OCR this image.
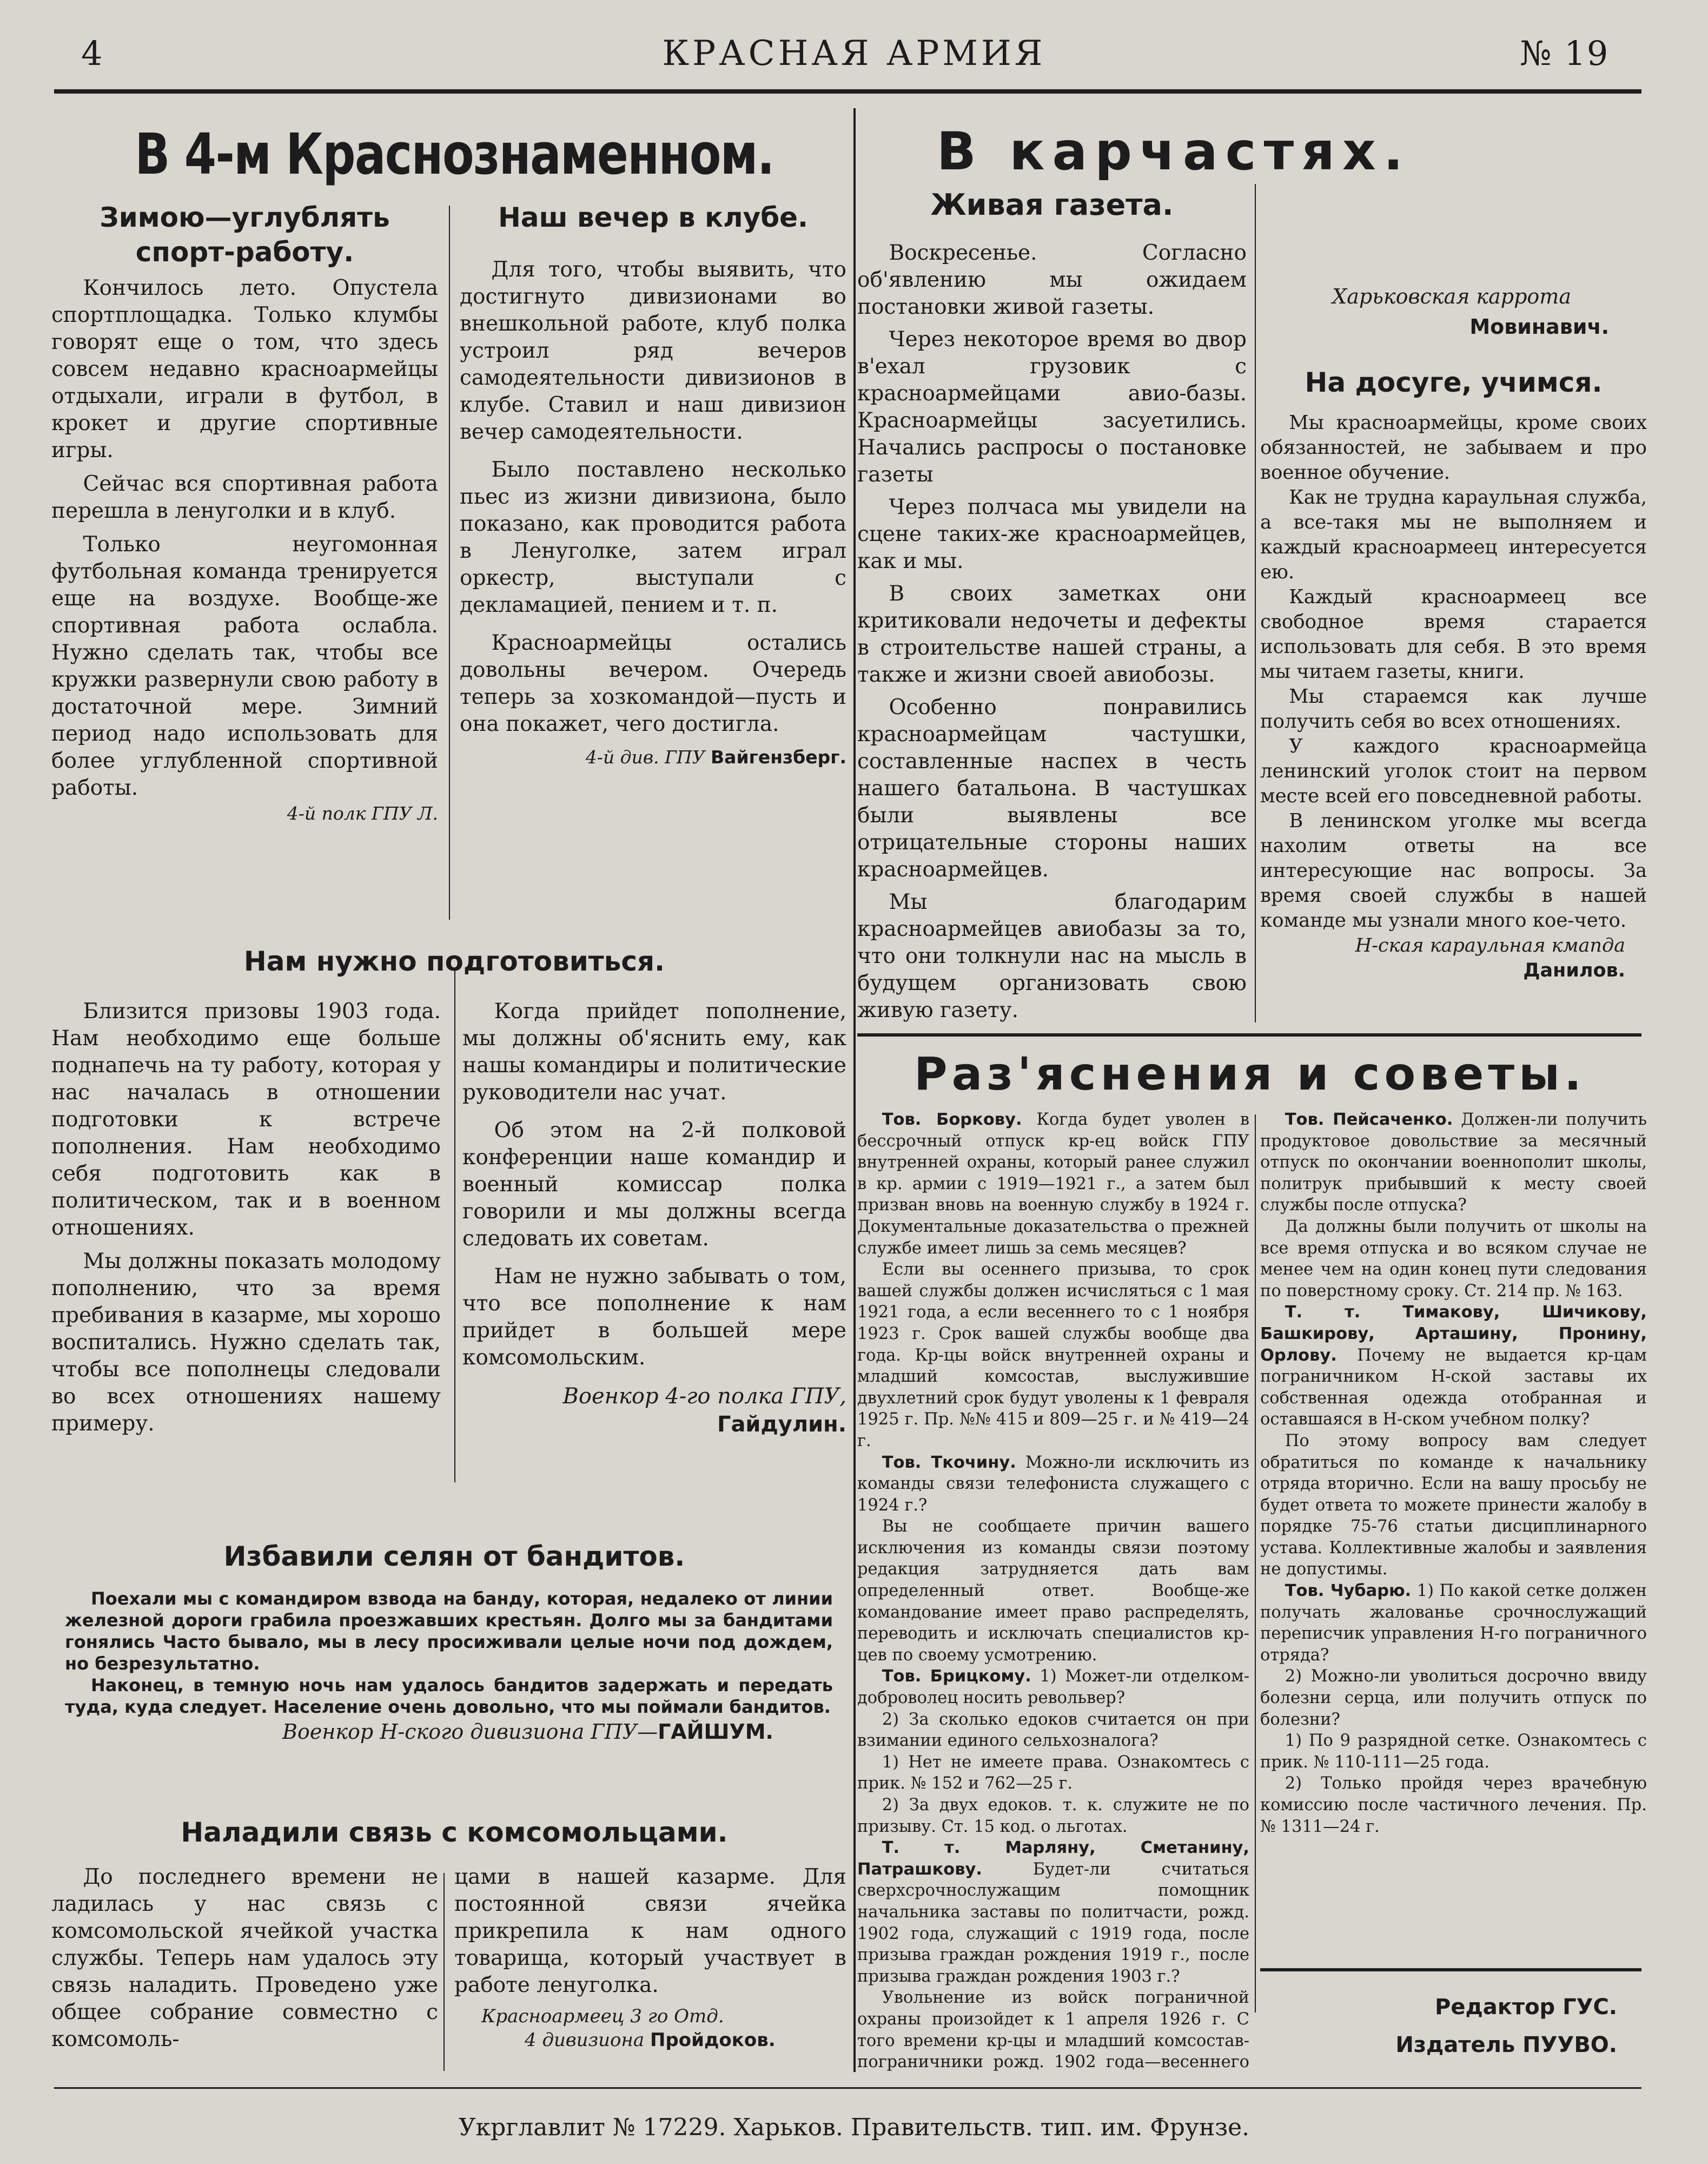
4	КРАСНАЯ АРМИЯ	№ 19
В 4-м Краснознаменном.
Зимою—углублять спорт-работу.

Кончилось лето. Опустела спортплощадка. Только клумбы говорят еще о том, что здесь совсем недавно красноармейцы отдыхали, играли в футбол, в крокет и другие спортивные игры.

Сейчас вся спортивная работа перешла в ленуголки и в клуб.

Только неугомонная футбольная команда тренируется еще на воздухе. Вообще-же спортивная работа ослабла. Нужно сделать так, чтобы все кружки развернули свою работу в достаточной мере. Зимний период надо использовать для более углубленной спортивной работы.

4-й полк ГПУ Л.
Наш вечер в клубе.

Для того, чтобы выявить, что достигнуто дивизионами во внешкольной работе, клуб полка устроил ряд вечеров самодеятельности дивизионов в клубе. Ставил и наш дивизион вечер самодеятельности.

Было поставлено несколько пьес из жизни дивизиона, было показано, как проводится работа в Ленуголке, затем играл оркестр, выступали с декламацией, пением и т. п.

Красноармейцы остались довольны вечером. Очередь теперь за хозкомандой—пусть и она покажет, чего достигла.

4-й див. ГПУ Вайгензберг.
Нам нужно подготовиться.

Близится призовы 1903 года. Нам необходимо еще больше поднапечь на ту работу, которая у нас началась в отношении подготовки к встрече пополнения. Нам необходимо себя подготовить как в политическом, так и в военном отношениях.

Мы должны показать молодому пополнению, что за время пребивания в казарме, мы хорошо воспитались. Нужно сделать так, чтобы все пополнецы следовали во всех отношениях нашему примеру.

Когда прийдет пополнение, мы должны об'яснить ему, как нашы командиры и политические руководители нас учат.

Об этом на 2-й полковой конференции наше командир и военный комиссар полка говорили и мы должны всегда следовать их советам.

Нам не нужно забывать о том, что все пополнение к нам прийдет в большей мере комсомольским.

Военкор 4-го полка ГПУ,
Гайдулин.
Избавили селян от бандитов.

Поехали мы с командиром взвода на банду, которая, недалеко от линии железной дороги грабила проезжавших крестьян. Долго мы за бандитами гонялись Часто бывало, мы в лесу просиживали целые ночи под дождем, но безрезультатно.

Наконец, в темную ночь нам удалось бандитов задержать и передать туда, куда следует. Население очень довольно, что мы поймали бандитов.

Военкор Н-ского дивизиона ГПУ—ГАЙШУМ.
Наладили связь с комсомольцами.

До последнего времени не ладилась у нас связь с комсомольской ячейкой участка службы. Теперь нам удалось эту связь наладить. Проведено уже общее собрание совместно с комсомоль-

цами в нашей казарме. Для постоянной связи ячейка прикрепила к нам одного товарища, который участвует в работе ленуголка.

Красноармеец 3 го Отд.
4 дивизиона Пройдоков.
В карчастях.
Живая газета.

Воскресенье. Согласно об'явлению мы ожидаем постановки живой газеты.

Через некоторое время во двор в'ехал грузовик с красноармейцами авио-базы. Красноармейцы засуетились. Начались распросы о постановке газеты

Через полчаса мы увидели на сцене таких-же красноармейцев, как и мы.

В своих заметках они критиковали недочеты и дефекты в строительстве нашей страны, а также и жизни своей авиобозы.

Особенно понравились красноармейцам частушки, составленные наспех в честь нашего батальона. В частушках были выявлены все отрицательные стороны наших красноармейцев.

Мы благодарим красноармейцев авиобазы за то, что они толкнули нас на мысль в будущем организовать свою живую газету.

Харьковская карроmа
Мовинавич.
На досуге, учимся.

Мы красноармейцы, кроме своих обязанностей, не забываем и про военное обучение.

Как не трудна караульная служба, а все-такя мы не выполняем и каждый красноармеец интересуется ею.

Каждый красноармеец все свободное время старается использовать для себя. В это время мы читаем газеты, книги.

Мы стараемся как лучше получить себя во всех отношениях.

У каждого красноармейца ленинский уголок стоит на первом месте всей его повседневной работы.

В ленинском уголке мы всегда нахолим ответы на все интересующие нас вопросы. За время своей службы в нашей команде мы узнали много кое-чето.

Н-ская караульная кмаnда
Данилов.
Раз'яснения и советы.

Тов. Боркову. Когда будет уволен в бессрочный отпуск кр-ец войск ГПУ внутренней охраны, который ранее служил в кр. армии с 1919—1921 г., а затем был призван вновь на военную службу в 1924 г. Документальные доказательства о прежней службе имеет лишь за семь месяцев?

Если вы осеннего призыва, то срок вашей службы должен исчисляться с 1 мая 1921 года, а если весеннего то с 1 ноября 1923 г. Срок вашей службы вообще два года. Кр-цы войск внутренней охраны и младший комсостав, выслужившие двухлетний срок будут уволены к 1 февраля 1925 г. Пр. №№ 415 и 809—25 г. и № 419—24 г.

Тов. Ткочину. Можно-ли исключить из команды связи телефониста служащего с 1924 г.?

Вы не сообщаете причин вашего исключения из команды связи поэтому редакция затрудняется дать вам определенный ответ. Вообще-же командование имеет право распределять, переводить и исключать специалистов кр-цев по своему усмотрению.

Тов. Брицкому. 1) Может-ли отделком-доброволец носить револьвер?

2) За сколько едоков считается он при взимании единого сельхозналога?

1) Нет не имеете права. Ознакомтесь с прик. № 152 и 762—25 г.

2) За двух едоков. т. к. служите не по призыву. Ст. 15 код. о льготах.

Т. т. Марляну, Сметанину, Патрашкову.	Будет-ли считаться сверхсрочнослужащим помощник начальника заставы по политчасти, рожд. 1902 года, служащий с 1919 года, после призыва граждан рождения 1919 г., после призыва граждан рождения 1903 г.?

Увольнение из войск пограничной охраны произойдет к 1 апреля 1926 г. С того времени кр-цы и младший комсостав-пограничники рожд. 1902 года—весеннего

Тов. Пейсаченко. Должен-ли получить продуктовое довольствие за месячный отпуск по окончании военнополит школы, политрук прибывший к месту своей службы после отпуска?

Да должны были получить от школы на все время отпуска и во всяком случае не менее чем на один конец пути следования по поверстному сроку. Ст. 214 пр. № 163.

Т. т. Тимакову, Шичикову, Башкирову, Арташину, Пронину, Орлову. Почему не выдается кр-цам пограничником Н-ской заставы их собственная одежда отобранная и оставшаяся в Н-ском учебном полку?

По этому вопросу вам следует обратиться по команде к начальнику отряда вторично. Если на вашу просьбу не будет ответа то можете принести жалобу в порядке 75-76 статьи дисциплинарного устава. Коллективные жалобы и заявления не допустимы.

Тов. Чубарю. 1) По какой сетке должен получать жалованье срочнослужащий переписчик управления Н-го пограничного отряда?

2) Можно-ли уволиться досрочно ввиду болезни серца, или получить отпуск по болезни?

1) По 9 разрядной сетке. Ознакомтесь с прик. № 110-111—25 года.

2) Только пройдя через врачебную комиссию после частичного лечения. Пр. № 1311—24 г.

Редактор ГУС.
Издатель ПУУВО.
Укрглавлит № 17229. Харьков. Правительств. тип. им. Фрунзе.
